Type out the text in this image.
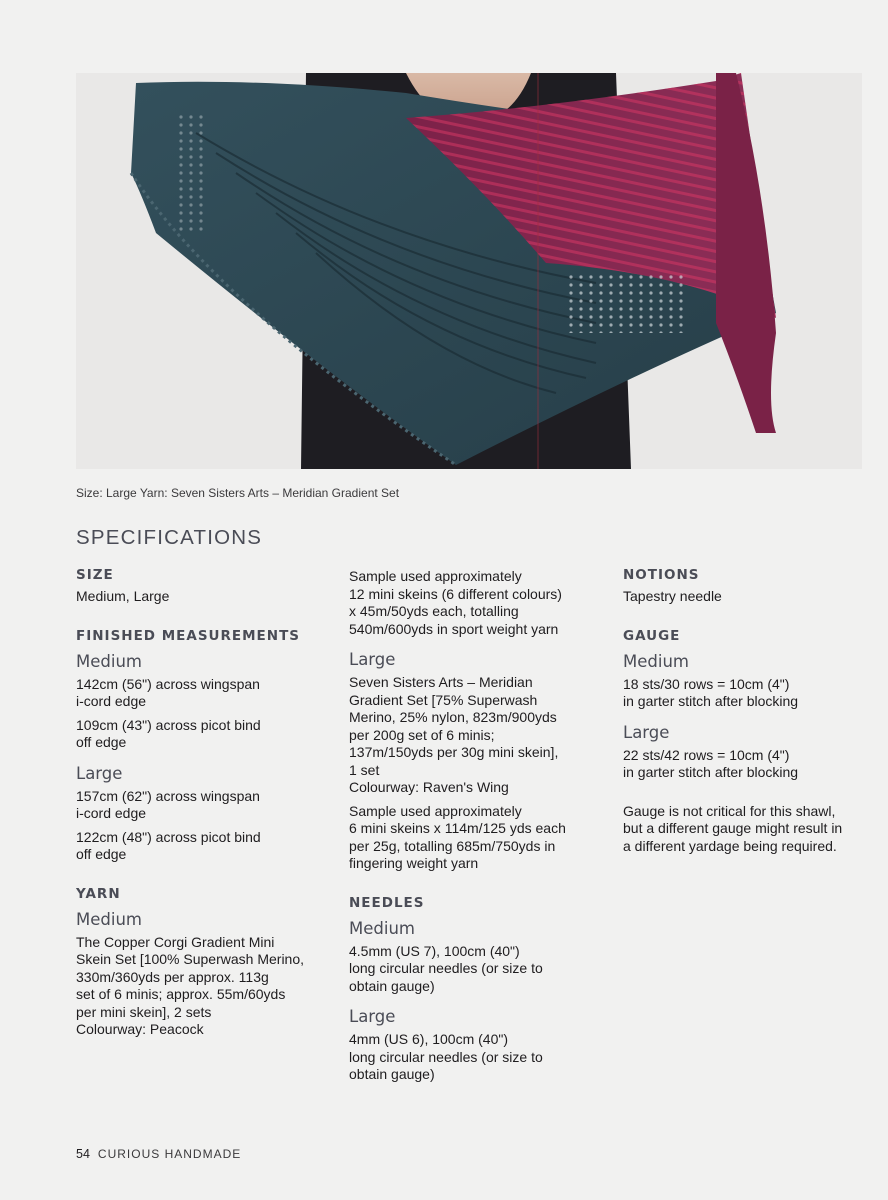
Size: Large Yarn: Seven Sisters Arts – Meridian Gradient Set
SPECIFICATIONS
SIZE
Medium, Large
FINISHED MEASUREMENTS
Medium
142cm (56") across wingspan
i-cord edge
109cm (43") across picot bind
off edge
Large
157cm (62") across wingspan
i-cord edge
122cm (48") across picot bind
off edge
YARN
Medium
The Copper Corgi Gradient Mini
Skein Set [100% Superwash Merino,
330m/360yds per approx. 113g
set of 6 minis; approx. 55m/60yds
per mini skein], 2 sets
Colourway: Peacock
Sample used approximately
12 mini skeins (6 different colours)
x 45m/50yds each, totalling
540m/600yds in sport weight yarn
Large
Seven Sisters Arts – Meridian
Gradient Set [75% Superwash
Merino, 25% nylon, 823m/900yds
per 200g set of 6 minis;
137m/150yds per 30g mini skein],
1 set
Colourway: Raven's Wing
Sample used approximately
6 mini skeins x 114m/125 yds each
per 25g, totalling 685m/750yds in
fingering weight yarn
NEEDLES
Medium
4.5mm (US 7), 100cm (40")
long circular needles (or size to
obtain gauge)
Large
4mm (US 6), 100cm (40")
long circular needles (or size to
obtain gauge)
NOTIONS
Tapestry needle
GAUGE
Medium
18 sts/30 rows = 10cm (4")
in garter stitch after blocking
Large
22 sts/42 rows = 10cm (4")
in garter stitch after blocking
Gauge is not critical for this shawl,
but a different gauge might result in
a different yardage being required.
54 CURIOUS HANDMADE
